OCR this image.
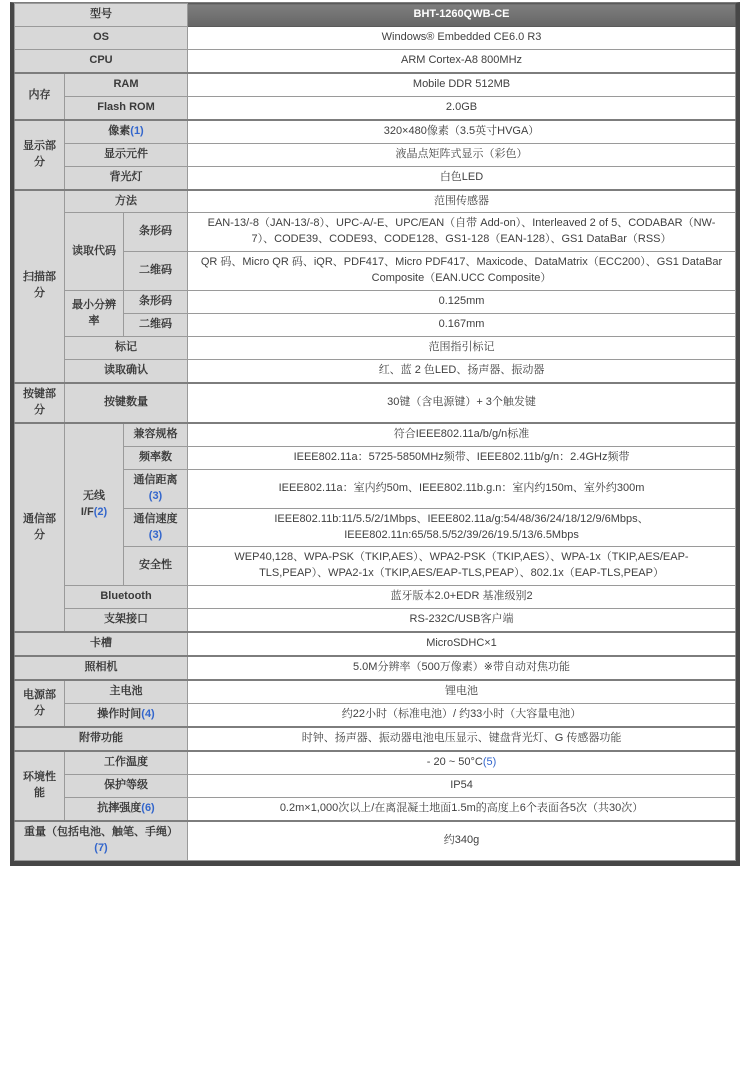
型号			BHT-1260QWB-CE
OS			Windows® Embedded CE6.0 R3
CPU			ARM Cortex-A8 800MHz
内存	RAM		Mobile DDR 512MB
	Flash ROM		2.0GB
显示部分	像素(1)		320×480像素（3.5英寸HVGA）
	显示元件		液晶点矩阵式显示（彩色）
	背光灯		白色LED
扫描部分	方法		范围传感器
	读取代码	条形码	EAN-13/-8（JAN-13/-8）、UPC-A/-E、UPC/EAN（自带 Add-on）、Interleaved 2 of 5、CODABAR（NW-7）、CODE39、CODE93、CODE128、GS1-128（EAN-128）、GS1 DataBar（RSS）
		二维码	QR 码、Micro QR 码、iQR、PDF417、Micro PDF417、Maxicode、DataMatrix（ECC200）、GS1 DataBar Composite（EAN.UCC Composite）
	最小分辨率	条形码	0.125mm
		二维码	0.167mm
	标记		范围指引标记
	读取确认		红、蓝 2 色LED、扬声器、振动器
按键部分	按键数量		30键（含电源键）+ 3个触发键
通信部分	无线I/F(2)	兼容规格	符合IEEE802.11a/b/g/n标准
		频率数	IEEE802.11a：5725-5850MHz频带、IEEE802.11b/g/n：2.4GHz频带
		通信距离(3)	IEEE802.11a：室内约50m、IEEE802.11b.g.n：室内约150m、室外约300m
		通信速度(3)	IEEE802.11b:11/5.5/2/1Mbps、IEEE802.11a/g:54/48/36/24/18/12/9/6Mbps、IEEE802.11n:65/58.5/52/39/26/19.5/13/6.5Mbps
		安全性	WEP40,128、WPA-PSK（TKIP,AES）、WPA2-PSK（TKIP,AES）、WPA-1x（TKIP,AES/EAP-TLS,PEAP）、WPA2-1x（TKIP,AES/EAP-TLS,PEAP）、802.1x（EAP-TLS,PEAP）
	Bluetooth		蓝牙版本2.0+EDR 基准级别2
	支架接口		RS-232C/USB客户端
卡槽			MicroSDHC×1
照相机			5.0M分辨率（500万像素）※带自动对焦功能
电源部分	主电池		锂电池
	操作时间(4)		约22小时（标准电池）/ 约33小时（大容量电池）
附带功能			时钟、扬声器、振动器电池电压显示、键盘背光灯、G 传感器功能
环境性能	工作温度		- 20 ~ 50°C(5)
	保护等级		IP54
	抗摔强度(6)		0.2m×1,000次以上/在离混凝土地面1.5m的高度上6个表面各5次（共30次）
重量（包括电池、触笔、手绳）(7)			约340g
